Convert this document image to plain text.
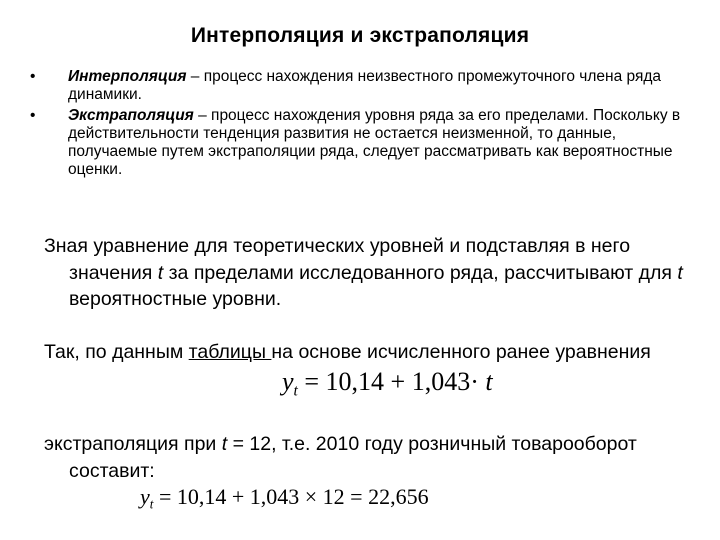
Интерполяция и экстраполяция
• Интерполяция – процесс нахождения неизвестного промежуточного члена ряда динамики.
• Экстраполяция – процесс нахождения уровня ряда за его пределами. Поскольку в действительности тенденция развития не остается неизменной, то данные, получаемые путем экстраполяции ряда, следует рассматривать как вероятностные оценки.
Зная уравнение для теоретических уровней и подставляя в него значения t за пределами исследованного ряда, рассчитывают для t вероятностные уровни.
Так, по данным таблицы на основе исчисленного ранее уравнения
$y_t = 10,14 + 1,043\cdot t$
экстраполяция при t = 12, т.е. 2010 году розничный товарооборот составит:
$y_t = 10,14 + 1,043 \times 12 = 22,656$
